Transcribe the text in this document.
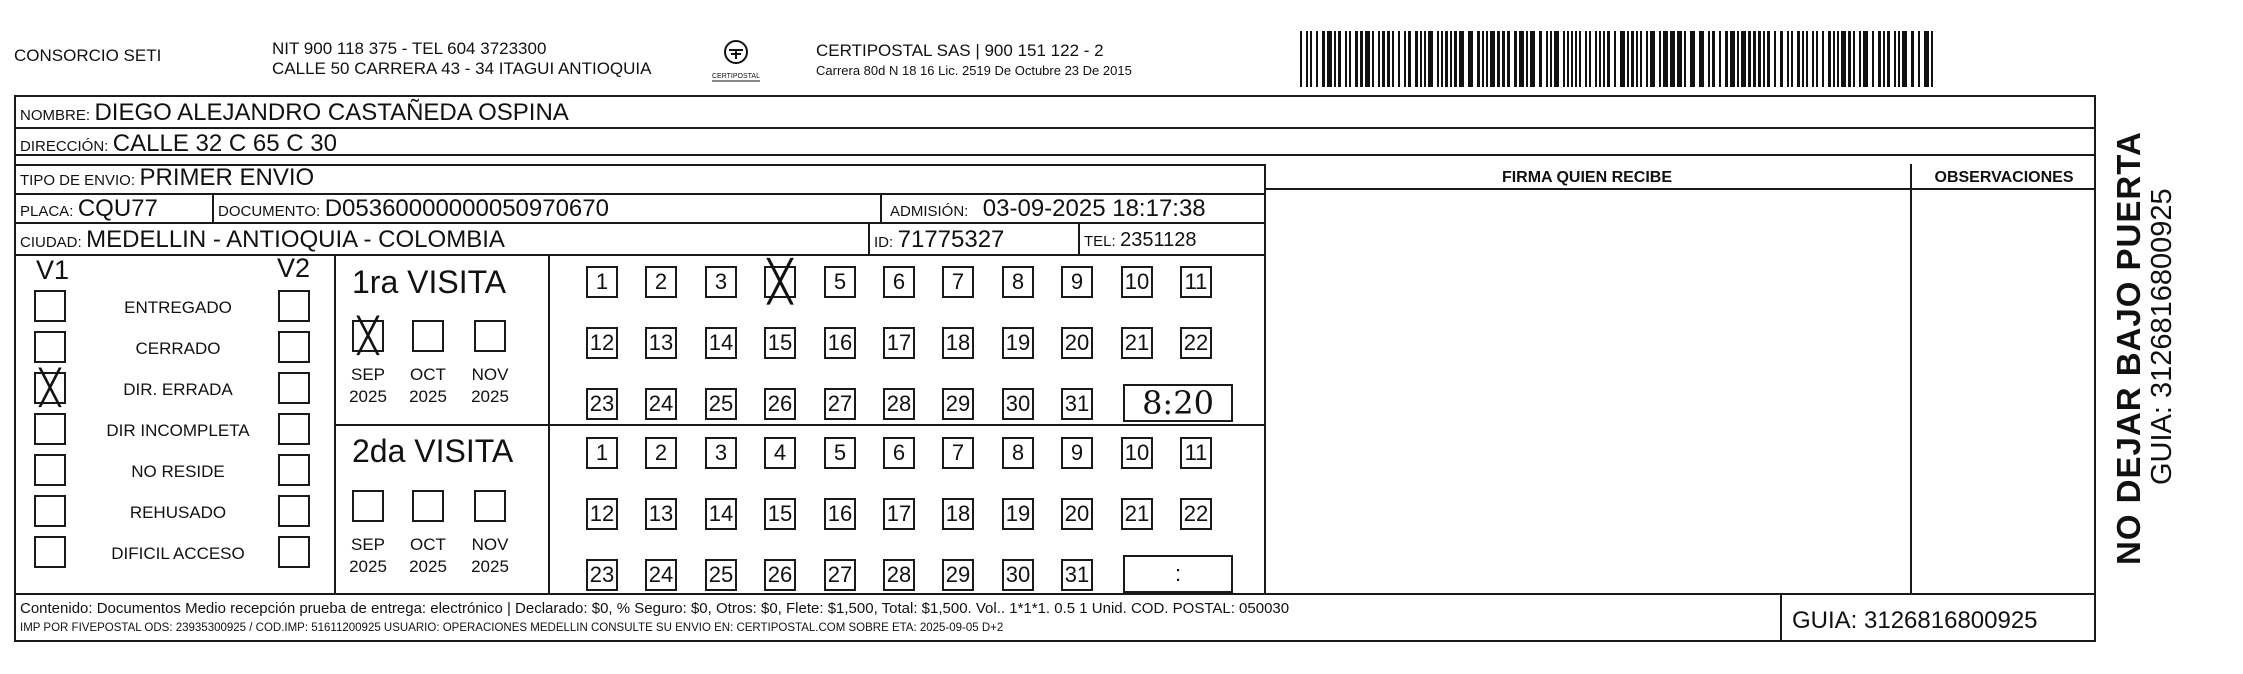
CONSORCIO SETI	NIT 900 118 375 - TEL 604 3723300
CALLE 50 CARRERA 43 - 34 ITAGUI ANTIOQUIA	CERTIPOSTAL
CERTIPOSTAL SAS | 900 151 122 - 2
Carrera 80d N 18 16 Lic. 2519 De Octubre 23 De 2015
NOMBRE: DIEGO ALEJANDRO CASTAÑEDA OSPINA
DIRECCIÓN: CALLE 32 C 65 C 30
TIPO DE ENVIO: PRIMER ENVIO
PLACA: CQU77	DOCUMENTO: D05360000000050970670	ADMISIÓN: 03-09-2025 18:17:38
CIUDAD: MEDELLIN - ANTIOQUIA - COLOMBIA	ID: 71775327	TEL: 2351128
FIRMA QUIEN RECIBE	OBSERVACIONES
V1	V2
ENTREGADO
CERRADO
╳	DIR. ERRADA
DIR INCOMPLETA
NO RESIDE
REHUSADO
DIFICIL ACCESO
1ra VISITA
╳
SEP
2025
OCT
2025
NOV
2025
1 2 3 ╳ 5 6 7 8 9 10 11
12 13 14 15 16 17 18 19 20 21 22
23 24 25 26 27 28 29 30 31	8:20
2da VISITA
SEP
2025
OCT
2025
NOV
2025
1 2 3 4 5 6 7 8 9 10 11
12 13 14 15 16 17 18 19 20 21 22
23 24 25 26 27 28 29 30 31	:
NO DEJAR BAJO PUERTA GUIA: 3126816800925
Contenido: Documentos Medio recepción prueba de entrega: electrónico | Declarado: $0, % Seguro: $0, Otros: $0, Flete: $1,500, Total: $1,500. Vol.. 1*1*1. 0.5 1 Unid. COD. POSTAL: 050030
IMP POR FIVEPOSTAL ODS: 23935300925 / COD.IMP: 51611200925 USUARIO: OPERACIONES MEDELLIN CONSULTE SU ENVIO EN: CERTIPOSTAL.COM SOBRE ETA: 2025-09-05 D+2	GUIA: 3126816800925
